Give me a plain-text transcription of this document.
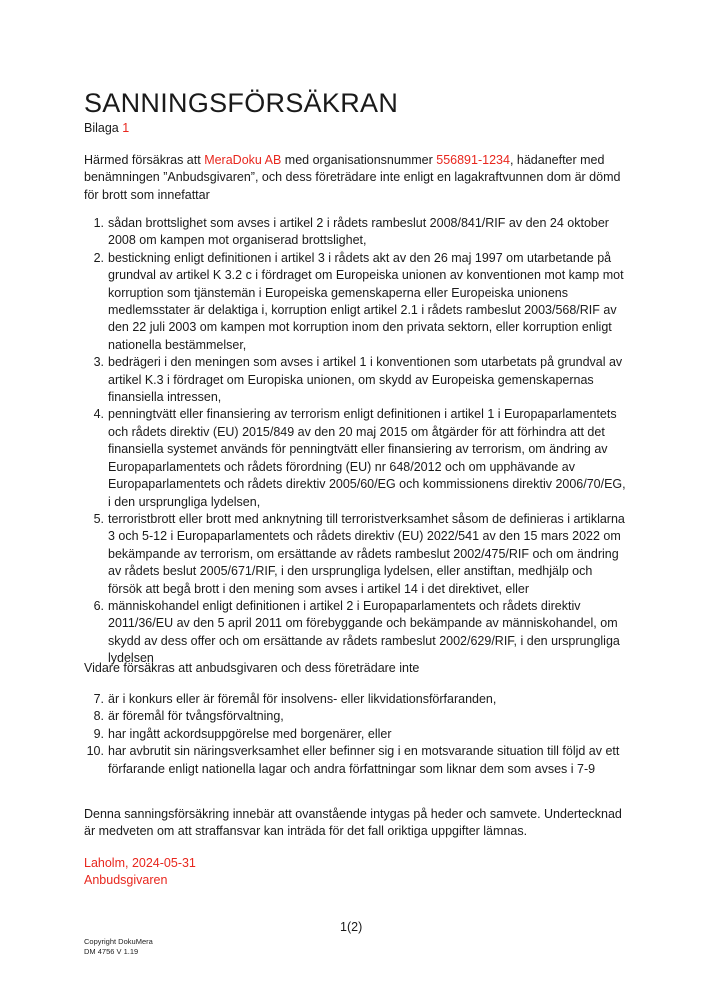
SANNINGSFÖRSÄKRAN
Bilaga 1

Härmed försäkras att MeraDoku AB med organisationsnummer 556891-1234, hädanefter med benämningen ”Anbudsgivaren”, och dess företrädare inte enligt en lagakraftvunnen dom är dömd för brott som innefattar

1. sådan brottslighet som avses i artikel 2 i rådets rambeslut 2008/841/RIF av den 24 oktober 2008 om kampen mot organiserad brottslighet,
2. bestickning enligt definitionen i artikel 3 i rådets akt av den 26 maj 1997 om utarbetande på grundval av artikel K 3.2 c i fördraget om Europeiska unionen av konventionen mot kamp mot korruption som tjänstemän i Europeiska gemenskaperna eller Europeiska unionens medlemsstater är delaktiga i, korruption enligt artikel 2.1 i rådets rambeslut 2003/568/RIF av den 22 juli 2003 om kampen mot korruption inom den privata sektorn, eller korruption enligt nationella bestämmelser,
3. bedrägeri i den meningen som avses i artikel 1 i konventionen som utarbetats på grundval av artikel K.3 i fördraget om Europiska unionen, om skydd av Europeiska gemenskapernas finansiella intressen,
4. penningtvätt eller finansiering av terrorism enligt definitionen i artikel 1 i Europaparlamentets och rådets direktiv (EU) 2015/849 av den 20 maj 2015 om åtgärder för att förhindra att det finansiella systemet används för penningtvätt eller finansiering av terrorism, om ändring av Europaparlamentets och rådets förordning (EU) nr 648/2012 och om upphävande av Europaparlamentets och rådets direktiv 2005/60/EG och kommissionens direktiv 2006/70/EG, i den ursprungliga lydelsen,
5. terroristbrott eller brott med anknytning till terroristverksamhet såsom de definieras i artiklarna 3 och 5-12 i Europaparlamentets och rådets direktiv (EU) 2022/541 av den 15 mars 2022 om bekämpande av terrorism, om ersättande av rådets rambeslut 2002/475/RIF och om ändring av rådets beslut 2005/671/RIF, i den ursprungliga lydelsen, eller anstiftan, medhjälp och försök att begå brott i den mening som avses i artikel 14 i det direktivet, eller
6. människohandel enligt definitionen i artikel 2 i Europaparlamentets och rådets direktiv 2011/36/EU av den 5 april 2011 om förebyggande och bekämpande av människohandel, om skydd av dess offer och om ersättande av rådets rambeslut 2002/629/RIF, i den ursprungliga lydelsen

Vidare försäkras att anbudsgivaren och dess företrädare inte

7. är i konkurs eller är föremål för insolvens- eller likvidationsförfaranden,
8. är föremål för tvångsförvaltning,
9. har ingått ackordsuppgörelse med borgenärer, eller
10. har avbrutit sin näringsverksamhet eller befinner sig i en motsvarande situation till följd av ett förfarande enligt nationella lagar och andra författningar som liknar dem som avses i 7-9

Denna sanningsförsäkring innebär att ovanstående intygas på heder och samvete. Undertecknad är medveten om att straffansvar kan inträda för det fall oriktiga uppgifter lämnas.

Laholm, 2024-05-31
Anbudsgivaren

1(2)
Copyright DokuMera
DM 4756 V 1.19
